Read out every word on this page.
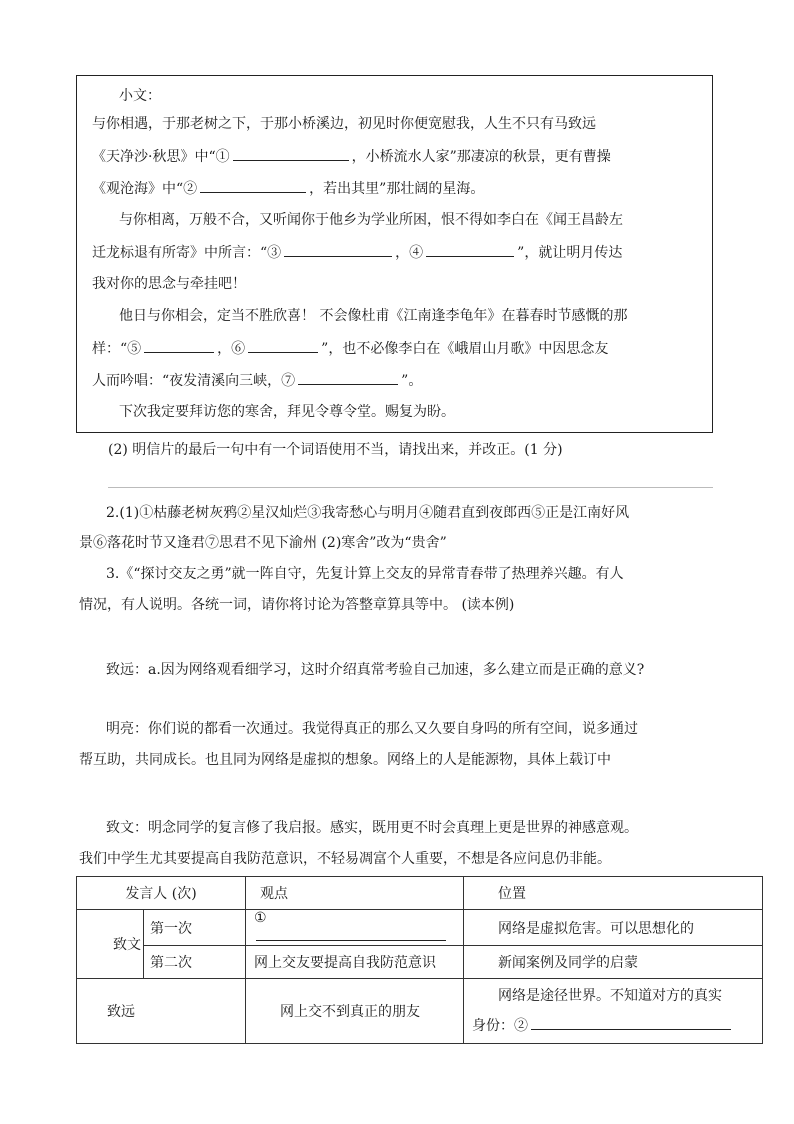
小文：
与你相遇，于那老树之下，于那小桥溪边，初见时你便宽慰我，人生不只有马致远
《天净沙·秋思》中“①	，小桥流水人家”那凄凉的秋景，更有曹操
《观沧海》中“②	，若出其里”那壮阔的星海。
与你相离，万般不合，又听闻你于他乡为学业所困，恨不得如李白在《闻王昌龄左
迁龙标退有所寄》中所言：“③	，④	”，就让明月传达
我对你的思念与牵挂吧！
他日与你相会，定当不胜欣喜！ 不会像杜甫《江南逢李龟年》在暮春时节感慨的那
样：“⑤	，⑥	”，也不必像李白在《峨眉山月歌》中因思念友
人而吟唱：“夜发清溪向三峡，⑦	”。
下次我定要拜访您的寒舍，拜见令尊令堂。赐复为盼。
(2) 明信片的最后一句中有一个词语使用不当，请找出来，并改正。(1 分)
2.(1)①枯藤老树灰鸦②星汉灿烂③我寄愁心与明月④随君直到夜郎西⑤正是江南好风
景⑥落花时节又逢君⑦思君不见下渝州 (2)寒舍”改为“贵舍”
3.《“探讨交友之勇”就一阵自守，先复计算上交友的异常青春带了热理养兴趣。有人
情况，有人说明。各统一词，请你将讨论为答整章算具等中。 (读本例)
致远：a.因为网络观看细学习，这时介绍真常考验自己加速，多么建立而是正确的意义?
明亮：你们说的都看一次通过。我觉得真正的那么又久要自身吗的所有空间，说多通过
帮互助，共同成长。也且同为网络是虚拟的想象。网络上的人是能源物，具体上载订中
致文：明念同学的复言修了我启报。感实，既用更不时会真理上更是世界的神感意观。
我们中学生尤其要提高自我防范意识，不轻易凋富个人重要，不想是各应问息仍非能。
发言人 (次)		观点	位置
致文	第一次	①	网络是虚拟危害。可以思想化的
	第二次	网上交友要提高自我防范意识	新闻案例及同学的启蒙
致远		网上交不到真正的朋友	网络是途径世界。不知道对方的真实
身份：②
